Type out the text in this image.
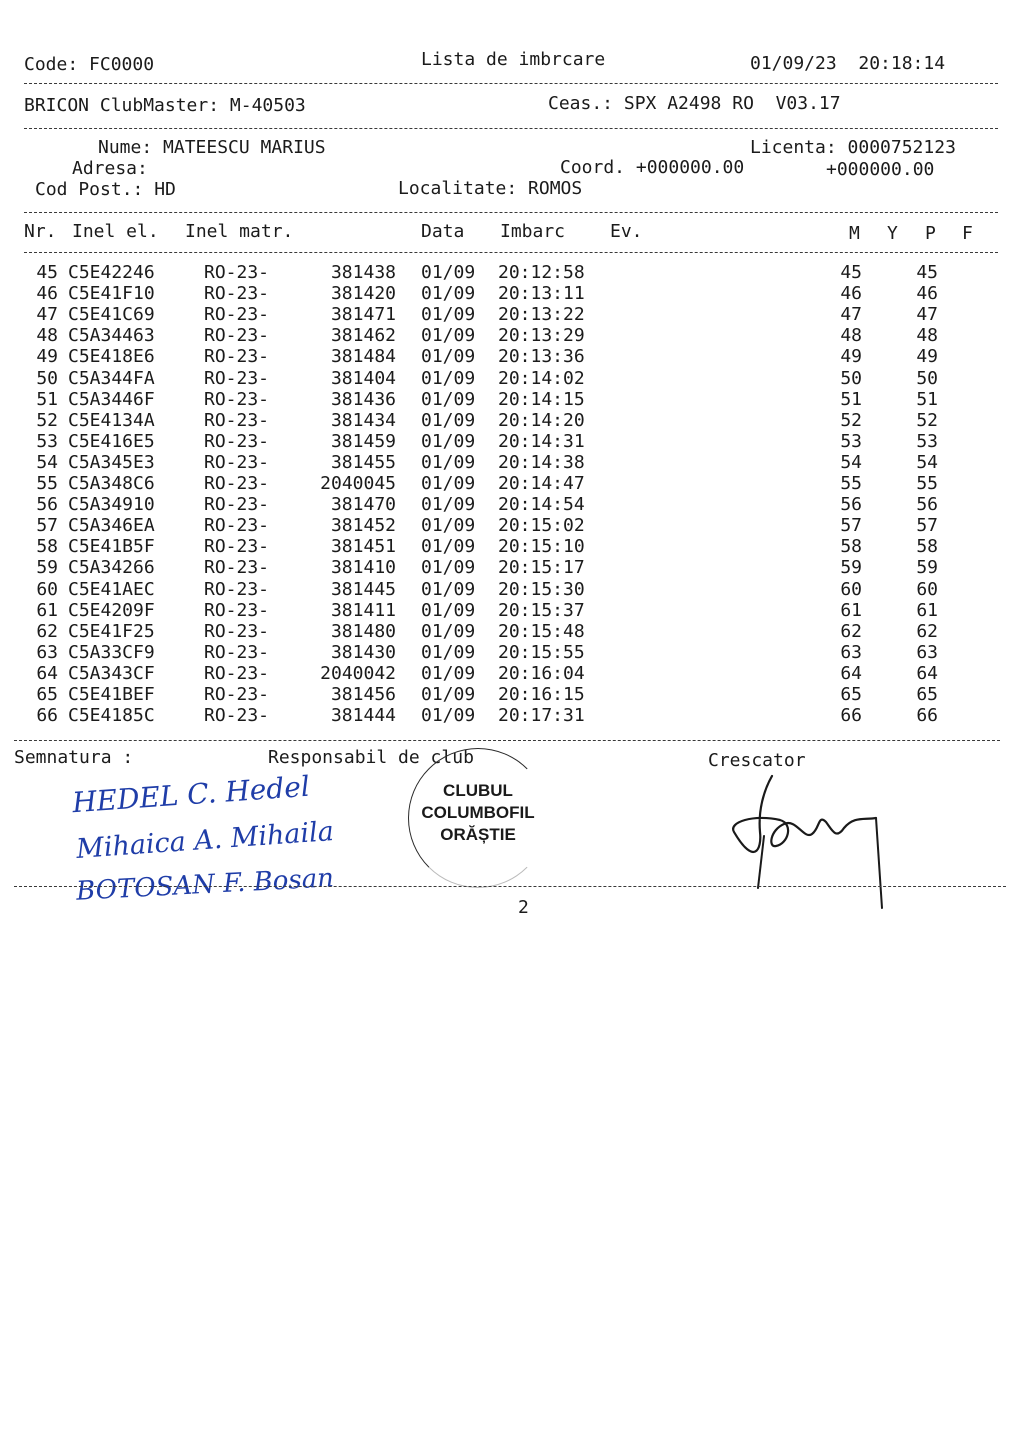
Code: FC0000	Lista de imbrcare	01/09/23  20:18:14
BRICON ClubMaster: M-40503	Ceas.: SPX A2498 RO  V03.17
Nume: MATEESCU MARIUS	Licenta: 0000752123
Adresa:	Coord. +000000.00	+000000.00
Cod Post.: HD	Localitate: ROMOS
Nr. Inel el. Inel matr.	Data Imbarc Ev.	M Y P F
45 C5E42246	RO-23-	381438 01/09	20:12:58	45	45
46 C5E41F10	RO-23-	381420 01/09	20:13:11	46	46
47 C5E41C69	RO-23-	381471 01/09	20:13:22	47	47
48 C5A34463	RO-23-	381462 01/09	20:13:29	48	48
49 C5E418E6	RO-23-	381484 01/09	20:13:36	49	49
50 C5A344FA	RO-23-	381404 01/09	20:14:02	50	50
51 C5A3446F	RO-23-	381436 01/09	20:14:15	51	51
52 C5E4134A	RO-23-	381434 01/09	20:14:20	52	52
53 C5E416E5	RO-23-	381459 01/09	20:14:31	53	53
54 C5A345E3	RO-23-	381455 01/09	20:14:38	54	54
55 C5A348C6	RO-23-	2040045 01/09	20:14:47	55	55
56 C5A34910	RO-23-	381470 01/09	20:14:54	56	56
57 C5A346EA	RO-23-	381452 01/09	20:15:02	57	57
58 C5E41B5F	RO-23-	381451 01/09	20:15:10	58	58
59 C5A34266	RO-23-	381410 01/09	20:15:17	59	59
60 C5E41AEC	RO-23-	381445 01/09	20:15:30	60	60
61 C5E4209F	RO-23-	381411 01/09	20:15:37	61	61
62 C5E41F25	RO-23-	381480 01/09	20:15:48	62	62
63 C5A33CF9	RO-23-	381430 01/09	20:15:55	63	63
64 C5A343CF	RO-23-	2040042 01/09	20:16:04	64	64
65 C5E41BEF	RO-23-	381456 01/09	20:16:15	65	65
66 C5E4185C	RO-23-	381444 01/09	20:17:31	66	66
Semnatura :	Responsabil de club	Crescator
CLUBUL
COLUMBOFIL
ORĂȘTIE
HEDEL C. Hedel
Mihaica A. Mihaila
BOTOSAN F. Bosan
2
